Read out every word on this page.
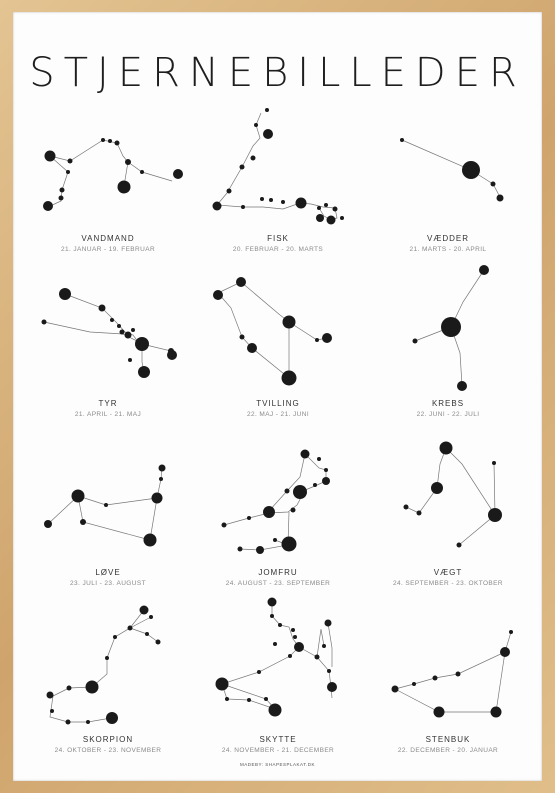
STJERNEBILLEDER
VANDMAND
21. JANUAR - 19. FEBRUAR
FISK
20. FEBRUAR - 20. MARTS
VÆDDER
21. MARTS - 20. APRIL
TYR
21. APRIL - 21. MAJ
TVILLING
22. MAJ - 21. JUNI
KREBS
22. JUNI - 22. JULI
LØVE
23. JULI - 23. AUGUST
JOMFRU
24. AUGUST - 23. SEPTEMBER
VÆGT
24. SEPTEMBER - 23. OKTOBER
SKORPION
24. OKTOBER - 23. NOVEMBER
SKYTTE
24. NOVEMBER - 21. DECEMBER
STENBUK
22. DECEMBER - 20. JANUAR
MADEBY: SHAPESPLAKAT.DK
